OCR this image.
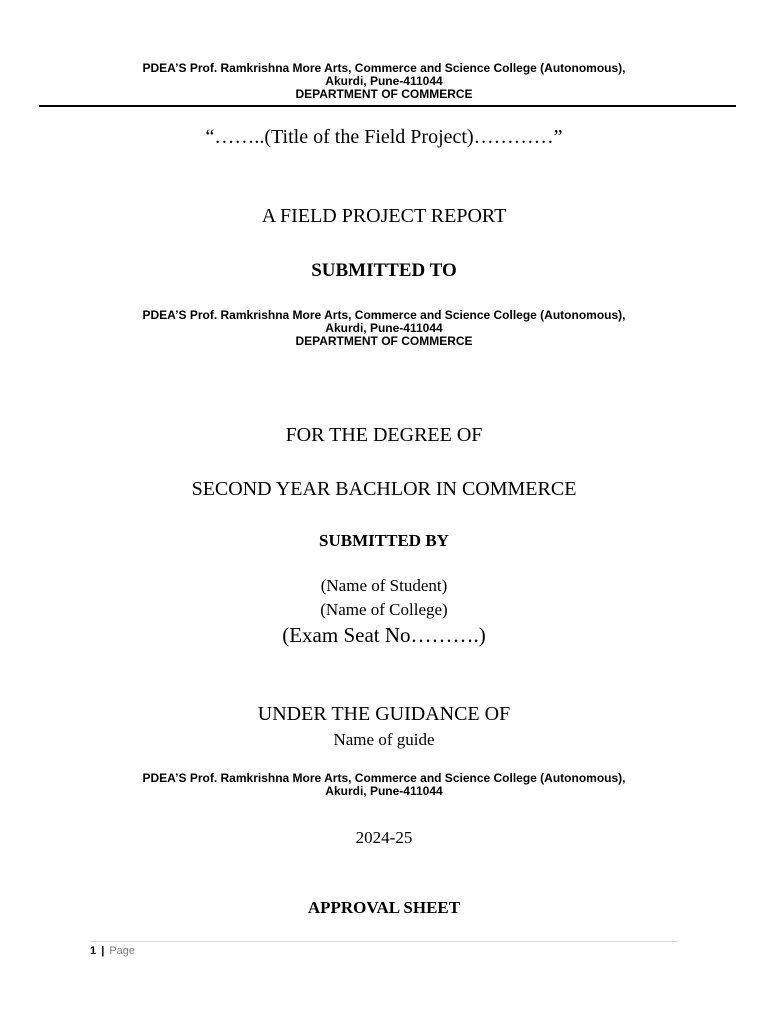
PDEA’S Prof. Ramkrishna More Arts, Commerce and Science College (Autonomous),
Akurdi, Pune-411044
DEPARTMENT OF COMMERCE
“……..(Title of the Field Project)…………”
A FIELD PROJECT REPORT
SUBMITTED TO
PDEA’S Prof. Ramkrishna More Arts, Commerce and Science College (Autonomous),
Akurdi, Pune-411044
DEPARTMENT OF COMMERCE
FOR THE DEGREE OF
SECOND YEAR BACHLOR IN COMMERCE
SUBMITTED BY
(Name of Student)
(Name of College)
(Exam Seat No……….)
UNDER THE GUIDANCE OF
Name of guide
PDEA’S Prof. Ramkrishna More Arts, Commerce and Science College (Autonomous),
Akurdi, Pune-411044
2024-25
APPROVAL SHEET
1 | Page
